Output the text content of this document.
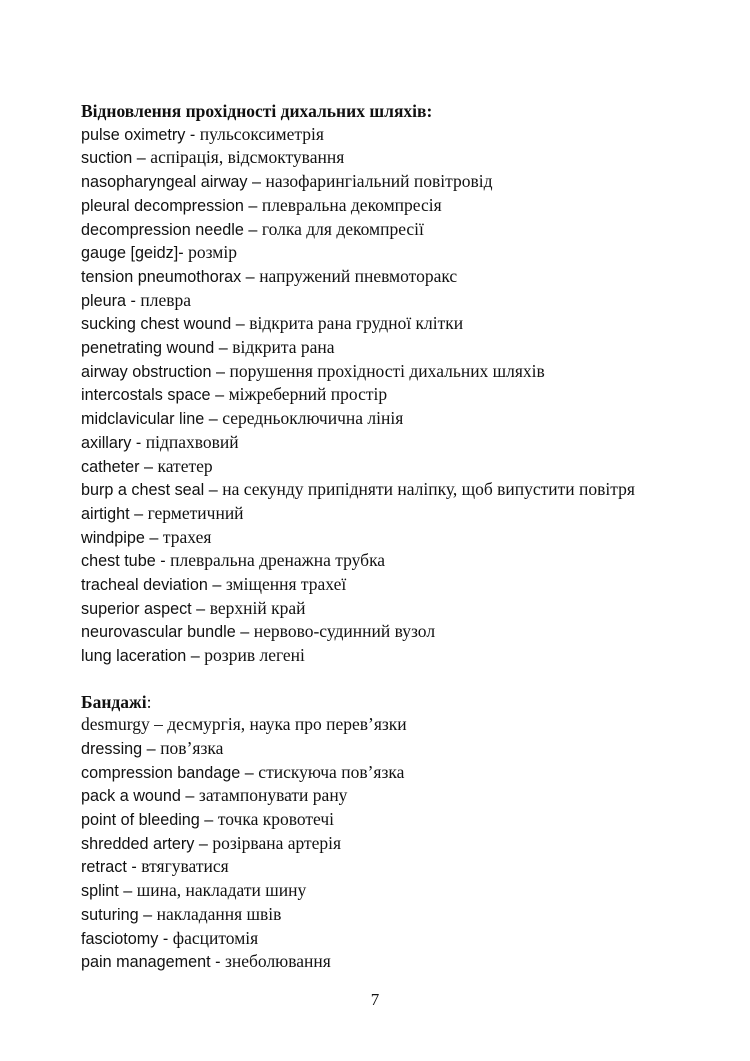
Відновлення прохідності дихальних шляхів:

pulse oximetry - пульсоксиметрія

suction – аспірація, відсмоктування

nasopharyngeal airway – назофарингіальний повітровід

pleural decompression – плевральна декомпресія

decompression needle – голка для декомпресії

gauge [geidz]- розмір

tension pneumothorax – напружений пневмоторакс

pleura - плевра

sucking chest wound – відкрита рана грудної клітки

penetrating wound – відкрита рана

airway obstruction – порушення прохідності дихальних шляхів

intercostals space – міжреберний простір

midclavicular line – середньоключична лінія

axillary - підпахвовий

catheter – катетер

burp a chest seal – на секунду припідняти наліпку, щоб випустити повітря

airtight – герметичний

windpipe – трахея

chest tube - плевральна дренажна трубка

tracheal deviation – зміщення трахеї

superior aspect – верхній край

neurovascular bundle – нервово-судинний вузол

lung laceration – розрив легені

Бандажі:

desmurgy – десмургія, наука про перев’язки

dressing – пов’язка

compression bandage – стискуюча пов’язка

pack a wound – затампонувати рану

point of bleeding – точка кровотечі

shredded artery – розірвана артерія

retract - втягуватися

splint – шина, накладати шину

suturing – накладання швів

fasciotomy - фасцитомія

pain management - знеболювання

7
